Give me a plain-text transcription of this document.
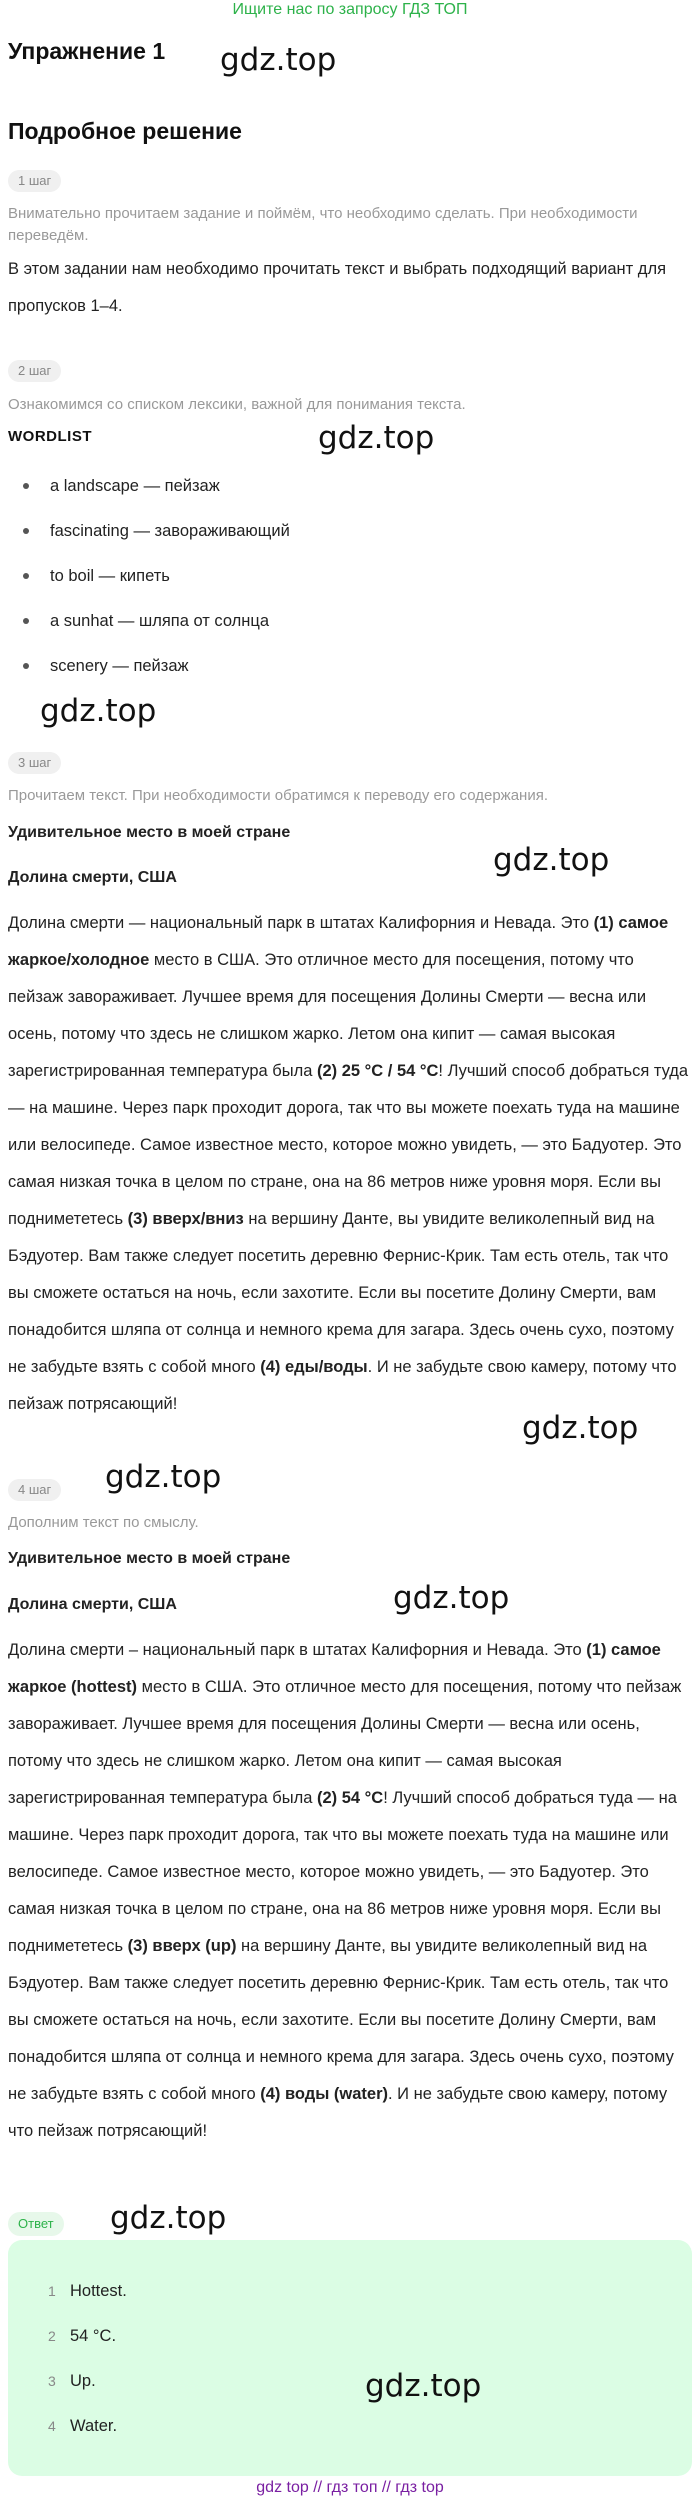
Ищите нас по запросу ГДЗ ТОП
Упражнение 1 gdz.top
Подробное решение
1 шаг
Внимательно прочитаем задание и поймём, что необходимо сделать. При необходимости переведём.
В этом задании нам необходимо прочитать текст и выбрать подходящий вариант для пропусков 1–4.
2 шаг
Ознакомимся со списком лексики, важной для понимания текста.
WORDLIST	gdz.top
a landscape — пейзаж
fascinating — завораживающий
to boil — кипеть
a sunhat — шляпа от солнца
scenery — пейзаж
gdz.top
3 шаг
Прочитаем текст. При необходимости обратимся к переводу его содержания.
Удивительное место в моей стране
Долина смерти, США	gdz.top
Долина смерти — национальный парк в штатах Калифорния и Невада. Это (1) самое жаркое/холодное место в США. Это отличное место для посещения, потому что пейзаж завораживает. Лучшее время для посещения Долины Смерти — весна или осень, потому что здесь не слишком жарко. Летом она кипит — самая высокая зарегистрированная температура была (2) 25 °C / 54 °C! Лучший способ добраться туда — на машине. Через парк проходит дорога, так что вы можете поехать туда на машине или велосипеде. Самое известное место, которое можно увидеть, — это Бадуотер. Это самая низкая точка в целом по стране, она на 86 метров ниже уровня моря. Если вы поднимететесь (3) вверх/вниз на вершину Данте, вы увидите великолепный вид на Бэдуотер. Вам также следует посетить деревню Фернис-Крик. Там есть отель, так что вы сможете остаться на ночь, если захотите. Если вы посетите Долину Смерти, вам понадобится шляпа от солнца и немного крема для загара. Здесь очень сухо, поэтому не забудьте взять с собой много (4) еды/воды. И не забудьте свою камеру, потому что пейзаж потрясающий!
gdz.top
gdz.top
4 шаг
Дополним текст по смыслу.
Удивительное место в моей стране
Долина смерти, США	gdz.top
Долина смерти – национальный парк в штатах Калифорния и Невада. Это (1) самое жаркое (hottest) место в США. Это отличное место для посещения, потому что пейзаж завораживает. Лучшее время для посещения Долины Смерти — весна или осень, потому что здесь не слишком жарко. Летом она кипит — самая высокая зарегистрированная температура была (2) 54 °C! Лучший способ добраться туда — на машине. Через парк проходит дорога, так что вы можете поехать туда на машине или велосипеде. Самое известное место, которое можно увидеть, — это Бадуотер. Это самая низкая точка в целом по стране, она на 86 метров ниже уровня моря. Если вы поднимететесь (3) вверх (up) на вершину Данте, вы увидите великолепный вид на Бэдуотер. Вам также следует посетить деревню Фернис-Крик. Там есть отель, так что вы сможете остаться на ночь, если захотите. Если вы посетите Долину Смерти, вам понадобится шляпа от солнца и немного крема для загара. Здесь очень сухо, поэтому не забудьте взять с собой много (4) воды (water). И не забудьте свою камеру, потому что пейзаж потрясающий!
Ответ	gdz.top
1 Hottest.
2 54 °C.
3 Up.
4 Water.
gdz.top
gdz top // гдз топ // гдз top
